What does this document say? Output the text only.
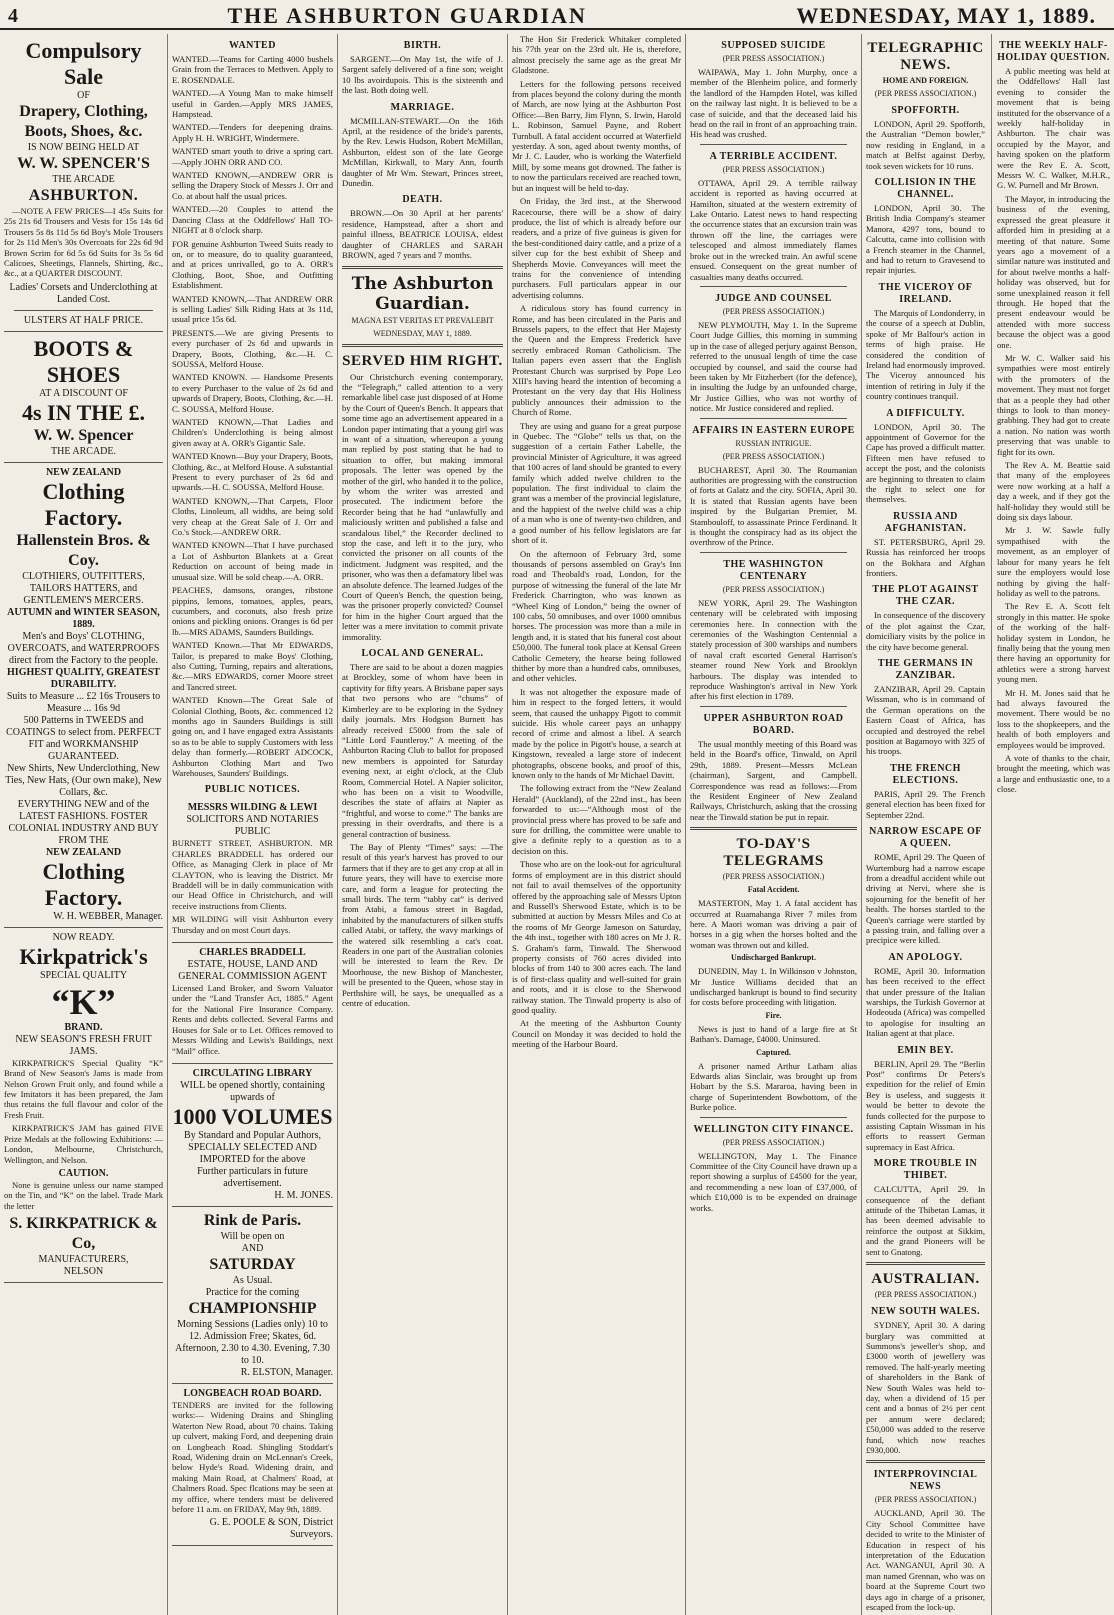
4	THE ASHBURTON GUARDIAN	WEDNESDAY, MAY 1, 1889.
Compulsory Sale
OF
Drapery, Clothing,
Boots, Shoes, &c.
IS NOW BEING HELD AT
W. W. SPENCER'S
THE ARCADE
ASHBURTON.

—NOTE A FEW PRICES—I 45s Suits for 25s 21s 6d Trousers and Vests for 15s 14s 6d Trousers 5s 8s 11d 5s 6d Boy's Mole Trousers for 2s 11d Men's 30s Overcoats for 22s 6d 9d Brown Scrim for 6d 5s 6d Suits for 3s 5s 6d Calicoes, Sheetings, Flannels, Shirting, &c., &c., at a QUARTER DISCOUNT.

Ladies' Corsets and Underclothing at Landed Cost.
ULSTERS AT HALF PRICE.
BOOTS & SHOES
AT A DISCOUNT OF
4s IN THE £.
W. W. Spencer
THE ARCADE.
NEW ZEALAND
Clothing Factory.
Hallenstein Bros. & Coy.
CLOTHIERS, OUTFITTERS, TAILORS HATTERS, and GENTLEMEN'S MERCERS.
AUTUMN and WINTER SEASON, 1889.
Men's and Boys' CLOTHING, OVERCOATS, and WATERPROOFS direct from the Factory to the people.
HIGHEST QUALITY, GREATEST DURABILITY.
Suits to Measure ... £2 16s Trousers to Measure ... 16s 9d
500 Patterns in TWEEDS and COATINGS to select from. PERFECT FIT and WORKMANSHIP GUARANTEED.
New Shirts, New Underclothing, New Ties, New Hats, (Our own make), New Collars, &c.
EVERYTHING NEW and of the LATEST FASHIONS. FOSTER COLONIAL INDUSTRY AND BUY FROM THE
NEW ZEALAND
Clothing Factory.
W. H. WEBBER, Manager.
NOW READY.
Kirkpatrick's
SPECIAL QUALITY
“K”
BRAND.
NEW SEASON'S FRESH FRUIT JAMS.

KIRKPATRICK'S Special Quality “K” Brand of New Season's Jams is made from Nelson Grown Fruit only, and found while a few Imitators it has been prepared, the Jam thus retains the full flavour and color of the Fresh Fruit.

KIRKPATRICK'S JAM has gained FIVE Prize Medals at the following Exhibitions: —London, Melbourne, Christchurch, Wellington, and Nelson.

CAUTION.

None is genuine unless our name stamped on the Tin, and “K” on the label. Trade Mark the letter

S. KIRKPATRICK & Co,
MANUFACTURERS,
NELSON
WANTED

WANTED.—Teams for Carting 4000 bushels Grain from the Terraces to Methven. Apply to E. ROSENDALE.

WANTED.—A Young Man to make himself useful in Garden.—Apply MRS JAMES, Hampstead.

WANTED.—Tenders for deepening drains. Apply H. H. WRIGHT, Windermere.

WANTED smart youth to drive a spring cart.—Apply JOHN ORR AND CO.

WANTED KNOWN,—ANDREW ORR is selling the Drapery Stock of Messrs J. Orr and Co. at about half the usual prices.

WANTED.—20 Couples to attend the Dancing Class at the Oddfellows' Hall TO-NIGHT at 8 o'clock sharp.

FOR genuine Ashburton Tweed Suits ready to on, or to measure, do to quality guaranteed, and at prices unrivalled, go to A. ORR's Clothing, Boot, Shoe, and Outfitting Establishment.

WANTED KNOWN,—That ANDREW ORR is selling Ladies' Silk Riding Hats at 3s 11d, usual price 15s 6d.

PRESENTS.—We are giving Presents to every purchaser of 2s 6d and upwards in Drapery, Boots, Clothing, &c.—H. C. SOUSSA, Melford House.

WANTED KNOWN. — Handsome Presents to every Purchaser to the value of 2s 6d and upwards of Drapery, Boots, Clothing, &c.—H. C. SOUSSA, Melford House.

WANTED KNOWN,—That Ladies and Children's Underclothing is being almost given away at A. ORR's Gigantic Sale.

WANTED Known—Buy your Drapery, Boots, Clothing, &c., at Melford House. A substantial Present to every purchaser of 2s 6d and upwards.—H. C. SOUSSA, Melford House.

WANTED KNOWN,—That Carpets, Floor Cloths, Linoleum, all widths, are being sold very cheap at the Great Sale of J. Orr and Co.'s Stock.—ANDREW ORR.

WANTED KNOWN—That I have purchased a Lot of Ashburton Blankets at a Great Reduction on account of being made in unusual size. Will be sold cheap.—A. ORR.

PEACHES, damsons, oranges, ribstone pippins, lemons, tomatoes, apples, pears, cucumbers, and coconuts, also fresh prize onions and pickling onions. Oranges is 6d per lb.—MRS ADAMS, Saunders Buildings.

WANTED Known.—That Mr EDWARDS, Tailor, is prepared to make Boys' Clothing, also Cutting, Turning, repairs and alterations, &c.—MRS EDWARDS, corner Moore street and Tancred street.

WANTED Known—The Great Sale of Colonial Clothing, Boots, &c. commenced 12 months ago in Saunders Buildings is still going on, and I have engaged extra Assistants so as to be able to supply Customers with less delay than formerly.—ROBERT ADCOCK, Ashburton Clothing Mart and Two Warehouses, Saunders' Buildings.

PUBLIC NOTICES.
MESSRS WILDING & LEWI
SOLICITORS AND NOTARIES PUBLIC

BURNETT STREET, ASHBURTON. MR CHARLES BRADDELL has ordered our Office, as Managing Clerk in place of Mr CLAYTON, who is leaving the District. Mr Braddell will be in daily communication with our Head Office in Christchurch, and will receive instructions from Clients.

MR WILDING will visit Ashburton every Thursday and on most Court days.

CHARLES BRADDELL
ESTATE, HOUSE, LAND AND GENERAL COMMISSION AGENT

Licensed Land Broker, and Sworn Valuator under the “Land Transfer Act, 1885.” Agent for the National Fire Insurance Company. Rents and debts collected. Several Farms and Houses for Sale or to Let. Offices removed to Messrs Wilding and Lewis's Buildings, next “Mail” office.

CIRCULATING LIBRARY
WILL be opened shortly, containing upwards of
1000 VOLUMES
By Standard and Popular Authors, SPECIALLY SELECTED AND IMPORTED for the above
Further particulars in future advertisement.
H. M. JONES.
Rink de Paris.
Will be open on
AND
SATURDAY
As Usual.
Practice for the coming
CHAMPIONSHIP
Morning Sessions (Ladies only) 10 to 12. Admission Free; Skates, 6d. Afternoon, 2.30 to 4.30. Evening, 7.30 to 10.
R. ELSTON, Manager.
LONGBEACH ROAD BOARD.

TENDERS are invited for the following works:— Widening Drains and Shingling Waterton New Road, about 70 chains. Taking up culvert, making Ford, and deepening drain on Longbeach Road. Shingling Stoddart's Road, Widening drain on McLennan's Creek, below Hyde's Road. Widening drain, and making Main Road, at Chalmers' Road, at Chalmers Road. Spec flcations may be seen at my office, where tenders must be delivered before 11 a.m. on FRIDAY, May 9th, 1889.

G. E. POOLE & SON, District Surveyors.
BIRTH.

SARGENT.—On May 1st, the wife of J. Sargent safely delivered of a fine son; weight 10 lbs avoirdupois. This is the sixteenth and the last. Both doing well.

MARRIAGE.

MCMILLAN-STEWART.—On the 16th April, at the residence of the bride's parents, by the Rev. Lewis Hudson, Robert McMillan, Ashburton, eldest son of the late George McMillan, Kirkwall, to Mary Ann, fourth daughter of Mr Wm. Stewart, Princes street, Dunedin.

DEATH.

BROWN.—On 30 April at her parents' residence, Hampstead, after a short and painful illness, BEATRICE LOUISA, eldest daughter of CHARLES and SARAH BROWN, aged 7 years and 7 months.

The Ashburton Guardian.
MAGNA EST VERITAS ET PREVALEBIT
WEDNESDAY, MAY 1, 1889.
SERVED HIM RIGHT.

Our Christchurch evening contemporary, the “Telegraph,” called attention to a very remarkable libel case just disposed of at Home by the Court of Queen's Bench. It appears that some time ago an advertisement appeared in a London paper intimating that a young girl was in want of a situation, whereupon a young man replied by post stating that he had to situation to offer, but making immoral proposals. The letter was opened by the mother of the girl, who handed it to the police, by whom the writer was arrested and prosecuted. The indictment before the Recorder being that he had “unlawfully and maliciously written and published a false and scandalous libel,” the Recorder declined to stop the case, and left it to the jury, who convicted the prisoner on all counts of the indictment. Judgment was respited, and the prisoner, who was then a defamatory libel was an absolute defence. The learned Judges of the Court of Queen's Bench, the question being, was the prisoner properly convicted? Counsel for him in the higher Court argued that the letter was a mere invitation to commit private immorality.

LOCAL AND GENERAL.

There are said to be about a dozen magpies at Brockley, some of whom have been in captivity for fifty years. A Brisbane paper says that two persons who are “chums” of Kimberley are to be exploring in the Sydney daily journals. Mrs Hodgson Burnett has already received £5000 from the sale of “Little Lord Fauntleroy.” A meeting of the Ashburton Racing Club to ballot for proposed new members is appointed for Saturday evening next, at eight o'clock, at the Club Room, Commercial Hotel. A Napier solicitor, who has been on a visit to Woodville, describes the state of affairs at Napier as “frightful, and worse to come.” The banks are pressing in their overdrafts, and there is a general contraction of business.

The Bay of Plenty “Times” says: —The result of this year's harvest has proved to our farmers that if they are to get any crop at all in future years, they will have to exercise more care, and form a league for protecting the small birds. The term “tabby cat” is derived from Atabi, a famous street in Bagdad, inhabited by the manufacturers of silken stuffs called Atabi, or taffety, the wavy markings of the watered silk resembling a cat's coat. Readers in one part of the Australian colonies will be interested to learn the Rev. Dr Moorhouse, the new Bishop of Manchester, will be presented to the Queen, whose stay in Perthshire will, he says, be unequalled as a centre of education.

The Hon Sir Frederick Whitaker completed his 77th year on the 23rd ult. He is, therefore, almost precisely the same age as the great Mr Gladstone.

Letters for the following persons received from places beyond the colony during the month of March, are now lying at the Ashburton Post Office:—Ben Barry, Jim Flynn, S. Irwin, Harold L. Robinson, Samuel Payne, and Robert Turnbull. A fatal accident occurred at Waterfield yesterday. A son, aged about twenty months, of Mr J. C. Lauder, who is working the Waterfield Mill, by some means got drowned. The father is to now the particulars received are reached town, but an inquest will be held to-day.

On Friday, the 3rd inst., at the Sherwood Racecourse, there will be a show of dairy produce, the list of which is already before our readers, and a prize of five guineas is given for the best-conditioned dairy cattle, and a prize of a silver cup for the best exhibit of Sheep and Shepherds Movie. Conveyances will meet the trains for the convenience of intending purchasers. Full particulars appear in our advertising columns.

A ridiculous story has found currency in Rome, and has been circulated in the Paris and Brussels papers, to the effect that Her Majesty the Queen and the Empress Frederick have secretly embraced Roman Catholicism. The Italian papers even assert that the English Protestant Church was surprised by Pope Leo XIII's having heard the intention of becoming a Protestant on the very day that His Holiness publicly announces their admission to the Church of Rome.

They are using and guano for a great purpose in Quebec. The “Globe” tells us that, on the suggestion of a certain Father Labelle, the provincial Minister of Agriculture, it was agreed that 100 acres of land should be granted to every family which added twelve children to the population. The first individual to claim the grant was a member of the provincial legislature, and the happiest of the twelve child was a chip of a man who is one of twenty-two children, and a good number of his fellow legislators are far short of it.

On the afternoon of February 3rd, some thousands of persons assembled on Gray's Inn road and Theobald's road, London, for the purpose of witnessing the funeral of the late Mr Frederick Charrington, who was known as “Wheel King of London,” being the owner of 100 cabs, 50 omnibuses, and over 1000 omnibus horses. The procession was more than a mile in length and, it is stated that his funeral cost about £50,000. The funeral took place at Kensal Green Catholic Cemetery, the hearse being followed thither by more than a hundred cabs, omnibuses, and other vehicles.

It was not altogether the exposure made of him in respect to the forged letters, it would seem, that caused the unhappy Pigott to commit suicide. His whole career pays an unhappy record of crime and almost a libel. A search made by the police in Pigott's house, a search at Kingstown, revealed a large store of indecent photographs, obscene books, and proof of this, known only to the hands of Mr Michael Davitt.

The following extract from the “New Zealand Herald” (Auckland), of the 22nd inst., has been forwarded to us:—“Although most of the provincial press where has proved to be safe and sure for drilling, the committee were unable to give a definite reply to a question as to a decision on this.

Those who are on the look-out for agricultural forms of employment are in this district should not fail to avail themselves of the opportunity offered by the approaching sale of Messrs Upton and Russell's Sherwood Estate, which is to be submitted at auction by Messrs Miles and Co at the rooms of Mr George Jameson on Saturday, the 4th inst., together with 180 acres on Mr J. R. S. Graham's farm, Tinwald. The Sherwood property consists of 760 acres divided into blocks of from 140 to 300 acres each. The land is of first-class quality and well-suited for grain and roots, and it is close to the Sherwood railway station. The Tinwald property is also of good quality.

At the meeting of the Ashburton County Council on Monday it was decided to hold the meeting of the Harbour Board.

SUPPOSED SUICIDE
(PER PRESS ASSOCIATION.)

WAIPAWA, May 1. John Murphy, once a member of the Blenheim police, and formerly the landlord of the Hampden Hotel, was killed on the railway last night. It is believed to be a case of suicide, and that the deceased laid his head on the rail in front of an approaching train. His head was crushed.

A TERRIBLE ACCIDENT.
(PER PRESS ASSOCIATION.)

OTTAWA, April 29. A terrible railway accident is reported as having occurred at Hamilton, situated at the western extremity of Lake Ontario. Latest news to hand respecting the occurrence states that an excursion train was thrown off the line, the carriages were telescoped and almost immediately flames broke out in the wrecked train. An awful scene ensued. Consequent on the great number of casualties many deaths occurred.

JUDGE AND COUNSEL
(PER PRESS ASSOCIATION.)

NEW PLYMOUTH, May 1. In the Supreme Court Judge Gillies, this morning in summing up in the case of alleged perjury against Benson, referred to the unusual length of time the case occupied by counsel, and said the course had been taken by Mr Fitzherbert (for the defence), in insulting the Judge by an unfounded charge, Mr Justice Gillies, who was not worthy of notice. Mr Justice considered and replied.

AFFAIRS IN EASTERN EUROPE
RUSSIAN INTRIGUE.
(PER PRESS ASSOCIATION.)

BUCHAREST, April 30. The Roumanian authorities are progressing with the construction of forts at Galatz and the city. SOFIA, April 30. It is stated that Russian agents have been inspired by the Bulgarian Premier, M. Stambouloff, to assassinate Prince Ferdinand. It is thought the conspiracy had as its object the overthrow of the Prince.

THE WASHINGTON CENTENARY
(PER PRESS ASSOCIATION.)

NEW YORK, April 29. The Washington centenary will be celebrated with imposing ceremonies here. In connection with the ceremonies of the Washington Centennial a stately procession of 300 warships and numbers of naval craft escorted General Harrison's steamer round New York and Brooklyn harbours. The display was intended to reproduce Washington's arrival in New York after his first election in 1789.

UPPER ASHBURTON ROAD BOARD.

The usual monthly meeting of this Board was held in the Board's office, Tinwald, on April 29th, 1889. Present—Messrs McLean (chairman), Sargent, and Campbell. Correspondence was read as follows:—From the Resident Engineer of New Zealand Railways, Christchurch, asking that the crossing near the Tinwald station be put in repair.

TO-DAY'S TELEGRAMS
(PER PRESS ASSOCIATION.)
Fatal Accident.

MASTERTON, May 1. A fatal accident has occurred at Ruamahanga River 7 miles from here. A Maori woman was driving a pair of horses in a gig when the horses bolted and the woman was thrown out and killed.

Undischarged Bankrupt.

DUNEDIN, May 1. In Wilkinson v Johnston, Mr Justice Williams decided that an undischarged bankrupt is bound to find security for costs before proceeding with litigation.

Fire.

News is just to hand of a large fire at St Bathan's. Damage, £4000. Uninsured.

Captured.

A prisoner named Arthur Latham alias Edwards alias Sinclair, was brought up from Hobart by the S.S. Mararoa, having been in charge of Superintendent Bowbottom, of the Burke police.

WELLINGTON CITY FINANCE.
(PER PRESS ASSOCIATION.)

WELLINGTON, May 1. The Finance Committee of the City Council have drawn up a report showing a surplus of £4500 for the year, and recommending a new loan of £37,000, of which £10,000 is to be expended on drainage works.

TELEGRAPHIC NEWS.
HOME AND FOREIGN.
(PER PRESS ASSOCIATION.)
SPOFFORTH.

LONDON, April 29. Spofforth, the Australian “Demon bowler,” now residing in England, in a match at Belfst against Derby, took seven wickets for 10 runs.

COLLISION IN THE CHANNEL.

LONDON, April 30. The British India Company's steamer Manora, 4297 tons, bound to Calcutta, came into collision with a French steamer in the Channel, and had to return to Gravesend to repair injuries.

THE VICEROY OF IRELAND.

The Marquis of Londonderry, in the course of a speech at Dublin, spoke of Mr Balfour's action in terms of high praise. He considered the condition of Ireland had enormously improved. The Viceroy announced his intention of retiring in July if the country continues tranquil.

A DIFFICULTY.

LONDON, April 30. The appointment of Governor for the Cape has proved a difficult matter. Fifteen men have refused to accept the post, and the colonists are beginning to threaten to claim the right to select one for themselves.

RUSSIA AND AFGHANISTAN.

ST. PETERSBURG, April 29. Russia has reinforced her troops on the Bokhara and Afghan frontiers.

THE PLOT AGAINST THE CZAR.

In consequence of the discovery of the plot against the Czar, domiciliary visits by the police in the city have become general.

THE GERMANS IN ZANZIBAR.

ZANZIBAR, April 29. Captain Wissman, who is in command of the German operations on the Eastern Coast of Africa, has occupied and destroyed the rebel position at Bagamoyo with 325 of his troops.

THE FRENCH ELECTIONS.

PARIS, April 29. The French general election has been fixed for September 22nd.

NARROW ESCAPE OF A QUEEN.

ROME, April 29. The Queen of Wurtemburg had a narrow escape from a dreadful accident while out driving at Nervi, where she is sojourning for the benefit of her health. The horses startled to the Queen's carriage were startled by a passing train, and falling over a precipice were killed.

AN APOLOGY.

ROME, April 30. Information has been received to the effect that under pressure of the Italian warships, the Turkish Governor at Hodeouda (Africa) was compelled to apologise for insulting an Italian agent at that place.

EMIN BEY.

BERLIN, April 29. The “Berlin Post” confirms Dr Peters's expedition for the relief of Emin Bey is useless, and suggests it would be better to devote the funds collected for the purpose to assisting Captain Wissman in his efforts to reassert German supremacy in East Africa.

MORE TROUBLE IN THIBET.

CALCUTTA, April 29. In consequence of the defiant attitude of the Thibetan Lamas, it has been deemed advisable to reinforce the outpost at Sikkim, and the grand Pioneers will be sent to Gnatong.

AUSTRALIAN.
(PER PRESS ASSOCIATION.)
NEW SOUTH WALES.

SYDNEY, April 30. A daring burglary was committed at Summons's jeweller's shop, and £3000 worth of jewellery was removed. The half-yearly meeting of shareholders in the Bank of New South Wales was held to-day, when a dividend of 15 per cent and a bonus of 2½ per cent per annum were declared; £50,000 was added to the reserve fund, which now reaches £930,000.

INTERPROVINCIAL NEWS
(PER PRESS ASSOCIATION.)

AUCKLAND, April 30. The City School Committee have decided to write to the Minister of Education in respect of his interpretation of the Education Act. WANGANUI, April 30. A man named Grennan, who was on board at the Supreme Court two days ago in charge of a prisoner, escaped from the lock-up.

THE WEEKLY HALF-HOLIDAY QUESTION.

A public meeting was held at the Oddfellows' Hall last evening to consider the movement that is being instituted for the observance of a weekly half-holiday in Ashburton. The chair was occupied by the Mayor, and having spoken on the platform were the Rev E. A. Scott, Messrs W. C. Walker, M.H.R., G. W. Purnell and Mr Brown.

The Mayor, in introducing the business of the evening, expressed the great pleasure it afforded him in presiding at a meeting of that nature. Some years ago a movement of a similar nature was instituted and for about twelve months a half-holiday was observed, but for some unexplained reason it fell through. He hoped that the present endeavour would be attended with more success because the object was a good one.

Mr W. C. Walker said his sympathies were most entirely with the promoters of the movement. They must not forget that as a people they had other things to look to than money-grabbing. They had got to create a nation. No nation was worth preserving that was unable to fight for its own.

The Rev A. M. Beattie said that many of the employees were now working at a half a day a week, and if they got the half-holiday they would still be doing six days labour.

Mr J. W. Sawle fully sympathised with the movement, as an employer of labour for many years he felt sure the employers would lose nothing by giving the half-holiday as well to the patrons.

The Rev E. A. Scott felt strongly in this matter. He spoke of the working of the half-holiday system in London, he finally being that the young men there having an opportunity for athletics were a strong harvest young men.

Mr H. M. Jones said that he had always favoured the movement. There would be no loss to the shopkeepers, and the health of both employers and employees would be improved.

A vote of thanks to the chair, brought the meeting, which was a large and enthusiastic one, to a close.
